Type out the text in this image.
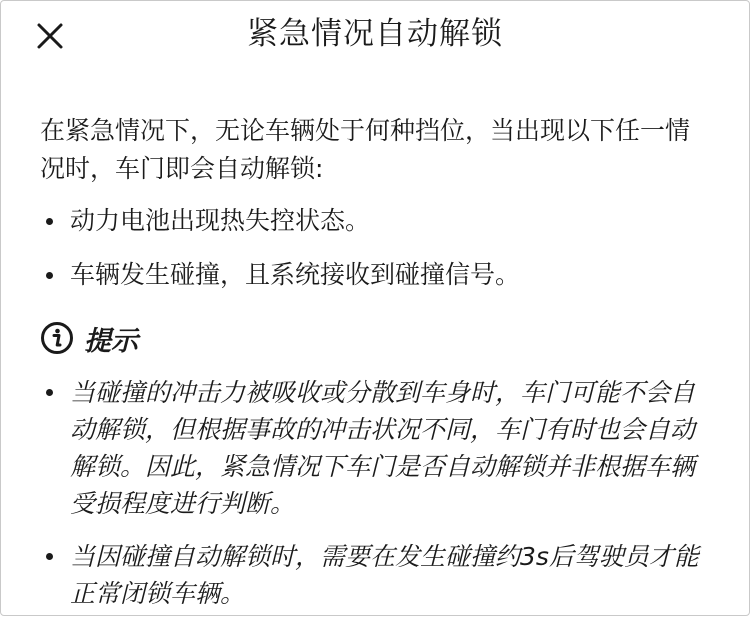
紧急情况自动解锁

在紧急情况下，无论车辆处于何种挡位，当出现以下任一情况时，车门即会自动解锁:

动力电池出现热失控状态。
车辆发生碰撞，且系统接收到碰撞信号。
提示
当碰撞的冲击力被吸收或分散到车身时，车门可能不会自动解锁，但根据事故的冲击状况不同，车门有时也会自动解锁。因此，紧急情况下车门是否自动解锁并非根据车辆受损程度进行判断。
当因碰撞自动解锁时，需要在发生碰撞约3s后驾驶员才能正常闭锁车辆。
